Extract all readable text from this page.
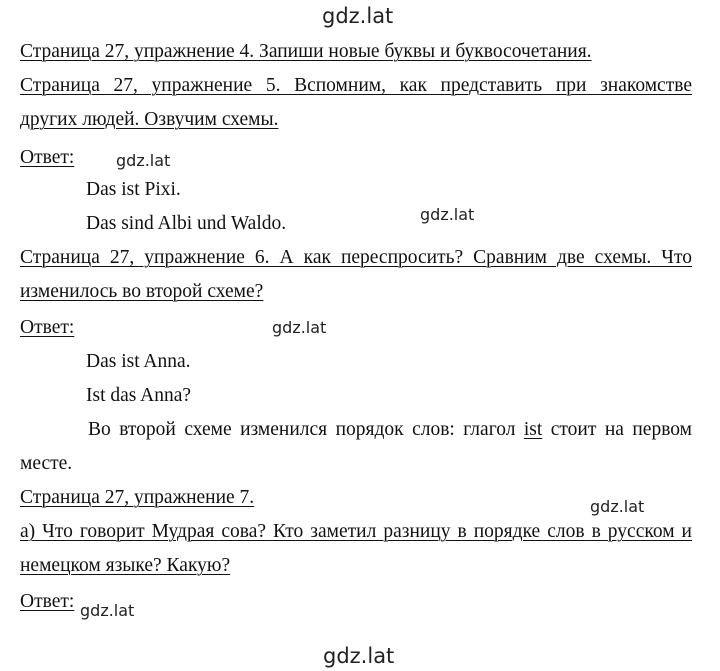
gdz.lat
Страница 27, упражнение 4. Запиши новые буквы и буквосочетания.
Страница 27, упражнение 5. Вспомним, как представить при знакомстве
других людей. Озвучим схемы.
Ответ:	gdz.lat
Das ist Pixi.
Das sind Albi und Waldo.	gdz.lat
Страница 27, упражнение 6. А как переспросить? Сравним две схемы. Что
изменилось во второй схеме?
Ответ:	gdz.lat
Das ist Anna.
Ist das Anna?
Во второй схеме изменился порядок слов: глагол ist стоит на первом
месте.
Страница 27, упражнение 7.	gdz.lat
а) Что говорит Мудрая сова? Кто заметил разницу в порядке слов в русском и
немецком языке? Какую?
Ответ: gdz.lat
gdz.lat
